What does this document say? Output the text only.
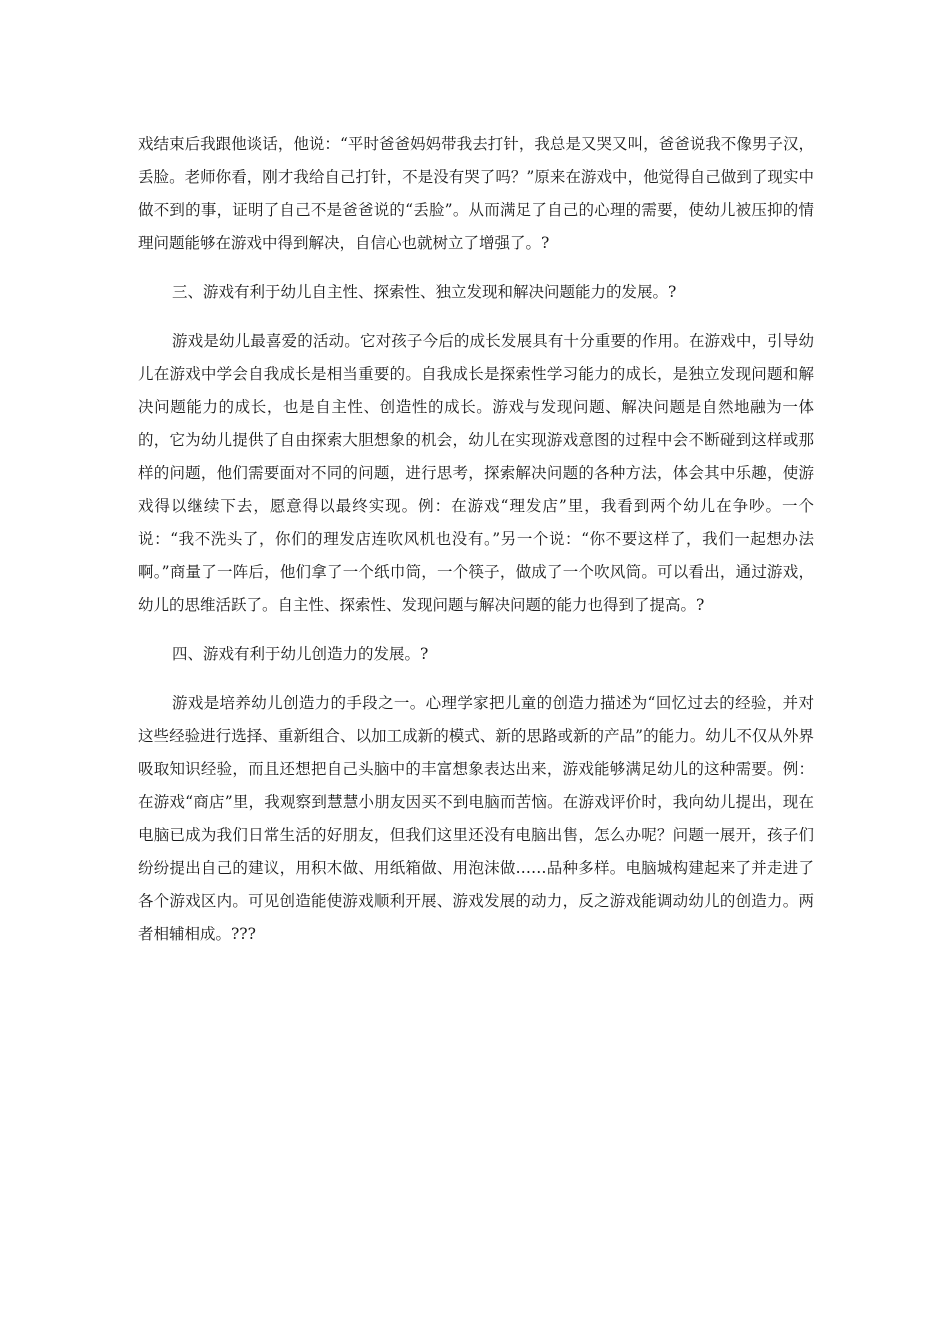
戏结束后我跟他谈话，他说：“平时爸爸妈妈带我去打针，我总是又哭又叫，爸爸说我不像男子汉，丢脸。老师你看，刚才我给自己打针，不是没有哭了吗？”原来在游戏中，他觉得自己做到了现实中做不到的事，证明了自己不是爸爸说的“丢脸”。从而满足了自己的心理的需要，使幼儿被压抑的情理问题能够在游戏中得到解决，自信心也就树立了增强了。?

三、游戏有利于幼儿自主性、探索性、独立发现和解决问题能力的发展。?

游戏是幼儿最喜爱的活动。它对孩子今后的成长发展具有十分重要的作用。在游戏中，引导幼儿在游戏中学会自我成长是相当重要的。自我成长是探索性学习能力的成长，是独立发现问题和解决问题能力的成长，也是自主性、创造性的成长。游戏与发现问题、解决问题是自然地融为一体的，它为幼儿提供了自由探索大胆想象的机会，幼儿在实现游戏意图的过程中会不断碰到这样或那样的问题，他们需要面对不同的问题，进行思考，探索解决问题的各种方法，体会其中乐趣，使游戏得以继续下去，愿意得以最终实现。例：在游戏“理发店”里，我看到两个幼儿在争吵。一个说：“我不洗头了，你们的理发店连吹风机也没有。”另一个说：“你不要这样了，我们一起想办法啊。”商量了一阵后，他们拿了一个纸巾筒，一个筷子，做成了一个吹风筒。可以看出，通过游戏，幼儿的思维活跃了。自主性、探索性、发现问题与解决问题的能力也得到了提高。?

四、游戏有利于幼儿创造力的发展。?

游戏是培养幼儿创造力的手段之一。心理学家把儿童的创造力描述为“回忆过去的经验，并对这些经验进行选择、重新组合、以加工成新的模式、新的思路或新的产品”的能力。幼儿不仅从外界吸取知识经验，而且还想把自己头脑中的丰富想象表达出来，游戏能够满足幼儿的这种需要。例：在游戏“商店”里，我观察到慧慧小朋友因买不到电脑而苦恼。在游戏评价时，我向幼儿提出，现在电脑已成为我们日常生活的好朋友，但我们这里还没有电脑出售，怎么办呢？问题一展开，孩子们纷纷提出自己的建议，用积木做、用纸箱做、用泡沫做……品种多样。电脑城构建起来了并走进了各个游戏区内。可见创造能使游戏顺利开展、游戏发展的动力，反之游戏能调动幼儿的创造力。两者相辅相成。???
